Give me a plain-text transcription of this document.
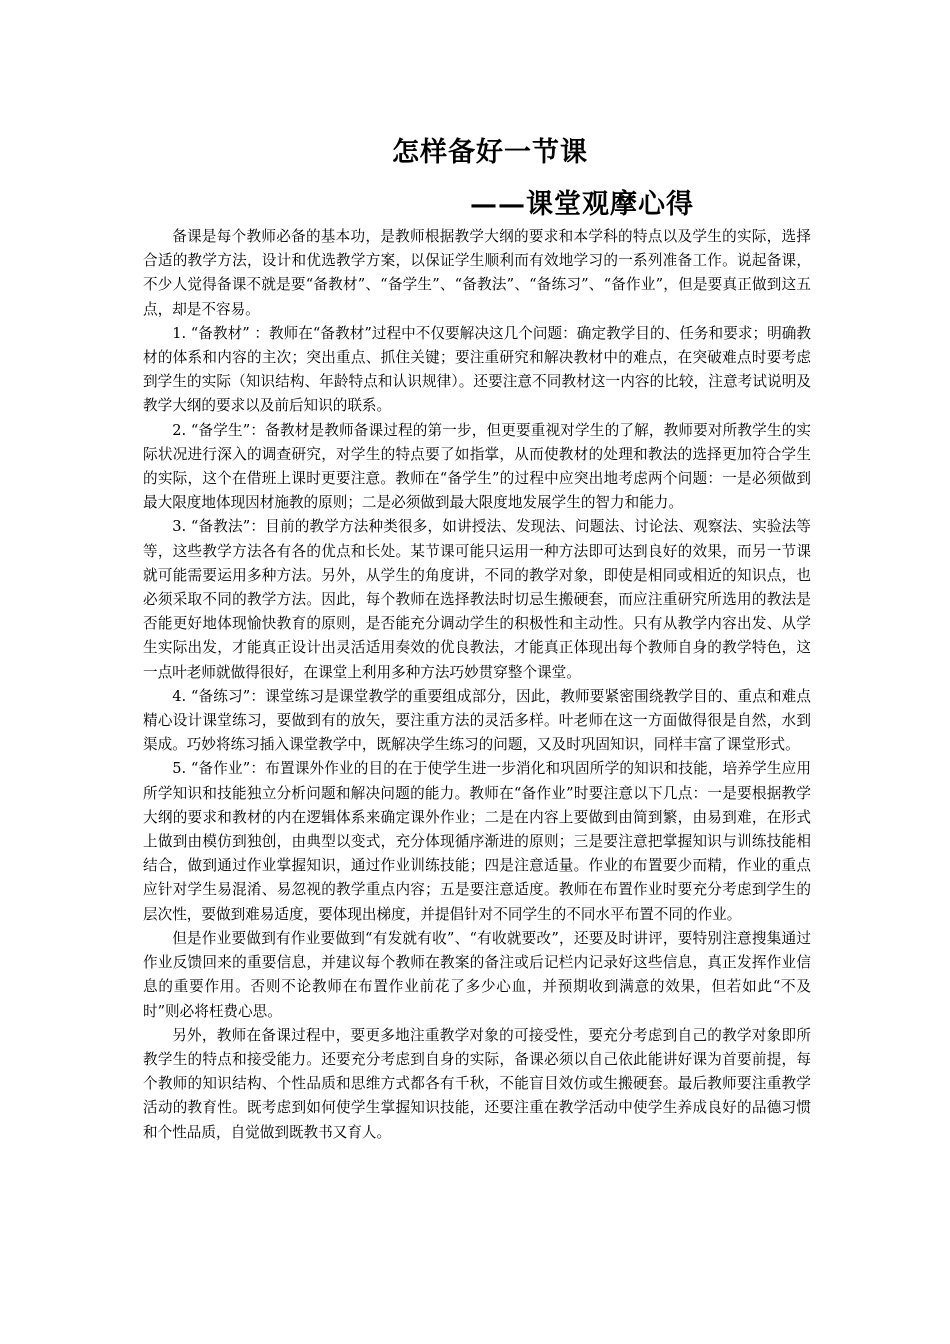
怎样备好一节课
——课堂观摩心得

备课是每个教师必备的基本功，是教师根据教学大纲的要求和本学科的特点以及学生的实际，选择合适的教学方法，设计和优选教学方案，以保证学生顺利而有效地学习的一系列准备工作。说起备课，不少人觉得备课不就是要“备教材”、“备学生”、“备教法”、“备练习”、“备作业”，但是要真正做到这五点，却是不容易。

1. “备教材” ：教师在“备教材”过程中不仅要解决这几个问题：确定教学目的、任务和要求；明确教材的体系和内容的主次；突出重点、抓住关键；要注重研究和解决教材中的难点，在突破难点时要考虑到学生的实际（知识结构、年龄特点和认识规律）。还要注意不同教材这一内容的比较，注意考试说明及教学大纲的要求以及前后知识的联系。

2. “备学生”：备教材是教师备课过程的第一步，但更要重视对学生的了解，教师要对所教学生的实际状况进行深入的调查研究，对学生的特点要了如指掌，从而使教材的处理和教法的选择更加符合学生的实际，这个在借班上课时更要注意。教师在“备学生”的过程中应突出地考虑两个问题：一是必须做到最大限度地体现因材施教的原则；二是必须做到最大限度地发展学生的智力和能力。

3. “备教法”：目前的教学方法种类很多，如讲授法、发现法、问题法、讨论法、观察法、实验法等等，这些教学方法各有各的优点和长处。某节课可能只运用一种方法即可达到良好的效果，而另一节课就可能需要运用多种方法。另外，从学生的角度讲，不同的教学对象，即使是相同或相近的知识点，也必须采取不同的教学方法。因此，每个教师在选择教法时切忌生搬硬套，而应注重研究所选用的教法是否能更好地体现愉快教育的原则，是否能充分调动学生的积极性和主动性。只有从教学内容出发、从学生实际出发，才能真正设计出灵活适用奏效的优良教法，才能真正体现出每个教师自身的教学特色，这一点叶老师就做得很好，在课堂上利用多种方法巧妙贯穿整个课堂。

4. “备练习”：课堂练习是课堂教学的重要组成部分，因此，教师要紧密围绕教学目的、重点和难点精心设计课堂练习，要做到有的放矢，要注重方法的灵活多样。叶老师在这一方面做得很是自然，水到渠成。巧妙将练习插入课堂教学中，既解决学生练习的问题，又及时巩固知识，同样丰富了课堂形式。

5. “备作业”：布置课外作业的目的在于使学生进一步消化和巩固所学的知识和技能，培养学生应用所学知识和技能独立分析问题和解决问题的能力。教师在“备作业”时要注意以下几点：一是要根据教学大纲的要求和教材的内在逻辑体系来确定课外作业；二是在内容上要做到由简到繁，由易到难，在形式上做到由模仿到独创，由典型以变式，充分体现循序渐进的原则；三是要注意把掌握知识与训练技能相结合，做到通过作业掌握知识，通过作业训练技能；四是注意适量。作业的布置要少而精，作业的重点应针对学生易混淆、易忽视的教学重点内容；五是要注意适度。教师在布置作业时要充分考虑到学生的层次性，要做到难易适度，要体现出梯度，并提倡针对不同学生的不同水平布置不同的作业。

但是作业要做到有作业要做到“有发就有收”、“有收就要改”，还要及时讲评，要特别注意搜集通过作业反馈回来的重要信息，并建议每个教师在教案的备注或后记栏内记录好这些信息，真正发挥作业信息的重要作用。否则不论教师在布置作业前花了多少心血，并预期收到满意的效果，但若如此“不及时”则必将枉费心思。

另外，教师在备课过程中，要更多地注重教学对象的可接受性，要充分考虑到自己的教学对象即所教学生的特点和接受能力。还要充分考虑到自身的实际，备课必须以自己依此能讲好课为首要前提，每个教师的知识结构、个性品质和思维方式都各有千秋，不能盲目效仿或生搬硬套。最后教师要注重教学活动的教育性。既考虑到如何使学生掌握知识技能，还要注重在教学活动中使学生养成良好的品德习惯和个性品质，自觉做到既教书又育人。
